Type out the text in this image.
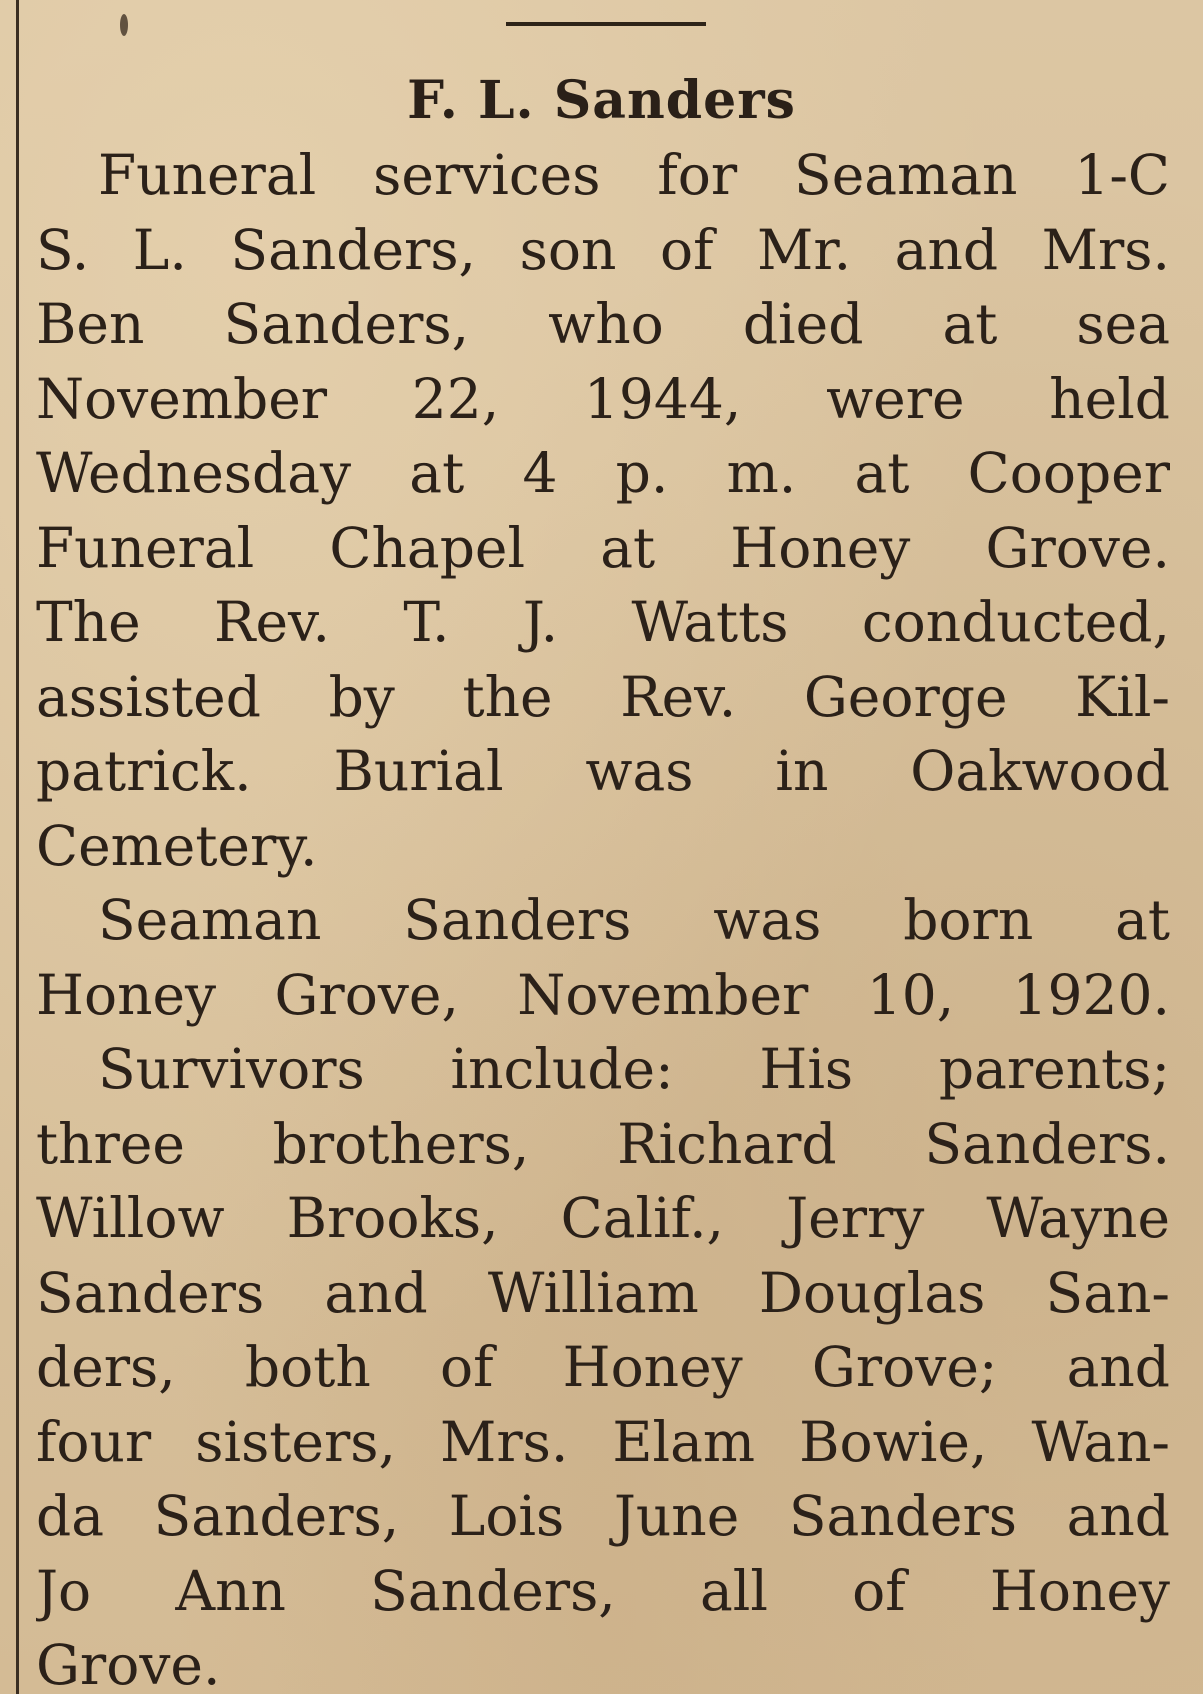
F. L. Sanders
Funeral services for Seaman 1-C
S. L. Sanders, son of Mr. and Mrs.
Ben Sanders, who died at sea
November 22, 1944, were held
Wednesday at 4 p. m. at Cooper
Funeral Chapel at Honey Grove.
The Rev. T. J. Watts conducted,
assisted by the Rev. George Kil-
patrick. Burial was in Oakwood
Cemetery.
Seaman Sanders was born at
Honey Grove, November 10, 1920.
Survivors include: His parents;
three brothers, Richard Sanders.
Willow Brooks, Calif., Jerry Wayne
Sanders and William Douglas San-
ders, both of Honey Grove; and
four sisters, Mrs. Elam Bowie, Wan-
da Sanders, Lois June Sanders and
Jo Ann Sanders, all of Honey
Grove.
